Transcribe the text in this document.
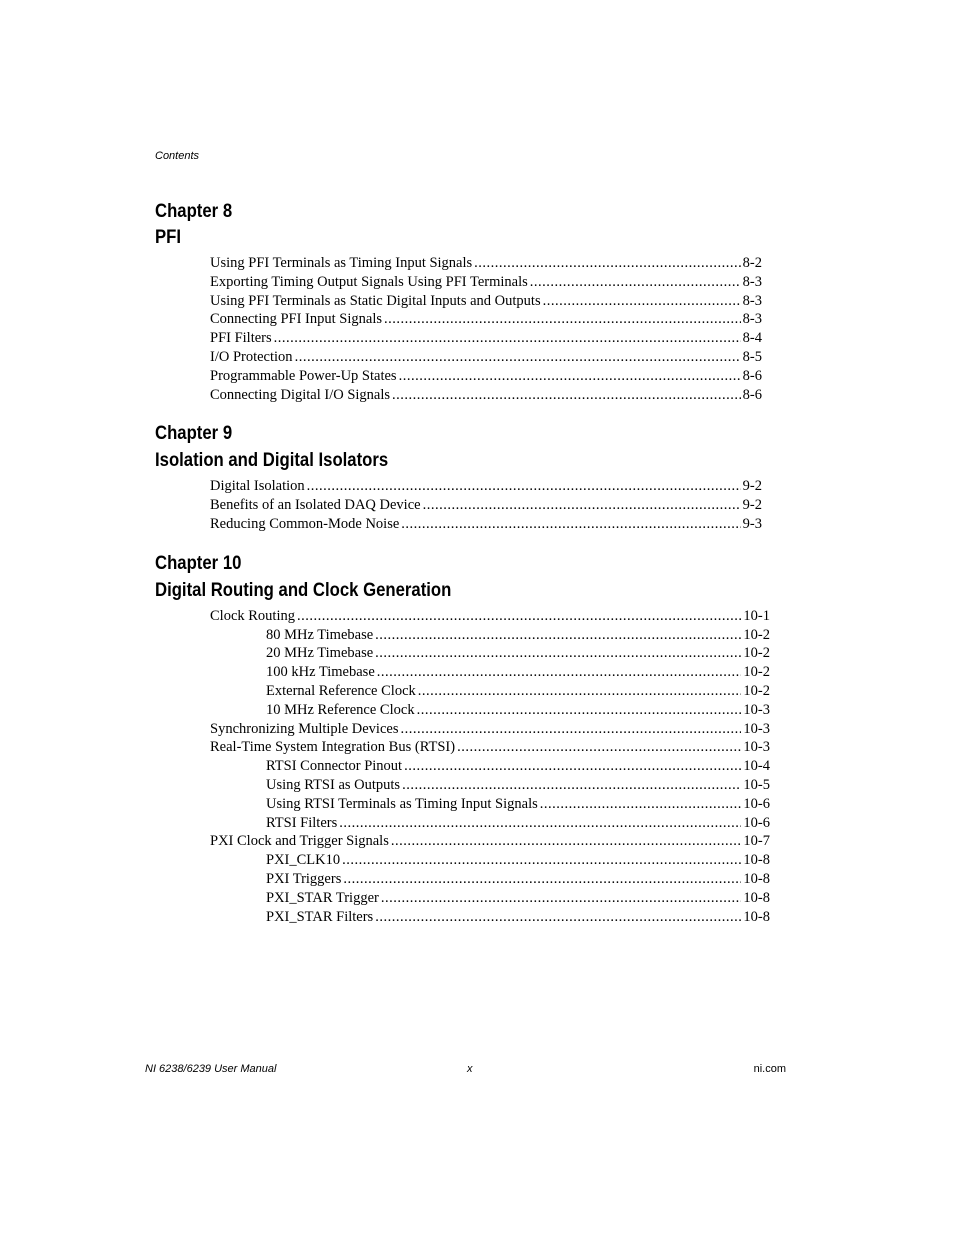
Contents
Chapter 8
PFI
Using PFI Terminals as Timing Input Signals .....	8-2
Exporting Timing Output Signals Using PFI Terminals .....	8-3
Using PFI Terminals as Static Digital Inputs and Outputs .....	8-3
Connecting PFI Input Signals .....	8-3
PFI Filters .....	8-4
I/O Protection .....	8-5
Programmable Power-Up States .....	8-6
Connecting Digital I/O Signals .....	8-6
Chapter 9
Isolation and Digital Isolators
Digital Isolation .....	9-2
Benefits of an Isolated DAQ Device .....	9-2
Reducing Common-Mode Noise .....	9-3
Chapter 10
Digital Routing and Clock Generation
Clock Routing .....	10-1
80 MHz Timebase .....	10-2
20 MHz Timebase .....	10-2
100 kHz Timebase .....	10-2
External Reference Clock .....	10-2
10 MHz Reference Clock .....	10-3
Synchronizing Multiple Devices .....	10-3
Real-Time System Integration Bus (RTSI) .....	10-3
RTSI Connector Pinout .....	10-4
Using RTSI as Outputs .....	10-5
Using RTSI Terminals as Timing Input Signals .....	10-6
RTSI Filters .....	10-6
PXI Clock and Trigger Signals .....	10-7
PXI_CLK10 .....	10-8
PXI Triggers .....	10-8
PXI_STAR Trigger .....	10-8
PXI_STAR Filters .....	10-8
NI 6238/6239 User Manual	x	ni.com
